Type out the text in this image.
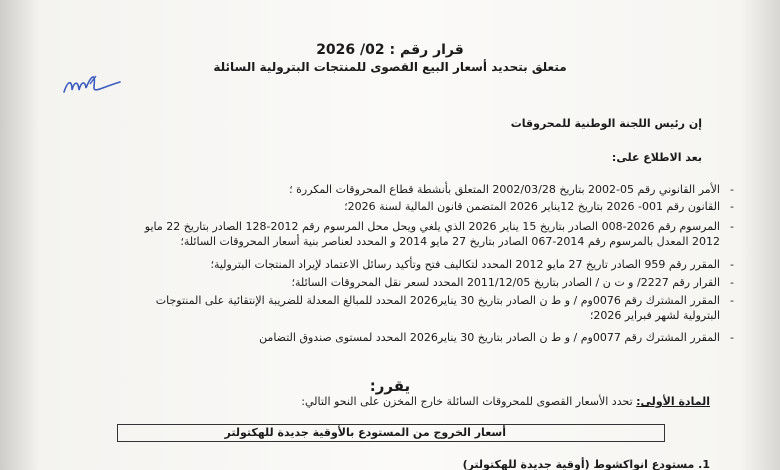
قرار رقم : 02/ 2026
متعلق بتحديد أسعار البيع القصوى للمنتجات البترولية السائلة
إن رئيس اللجنة الوطنية للمحروقات
بعد الاطلاع على:
-
الأمر القانوني رقم 05-2002 بتاريخ 2002/03/28 المتعلق بأنشطة قطاع المحروقات المكررة ؛
-
القانون رقم 001- 2026 بتاريخ 12يناير 2026 المتضمن قانون المالية لسنة 2026؛
-
المرسوم رقم 2026-008 الصادر بتاريخ 15 يناير 2026 الذي يلغي ويحل محل المرسوم رقم 2012-128 الصادر بتاريخ 22 مايو
2012 المعدل بالمرسوم رقم 2014-067 الصادر بتاريخ 27 مايو 2014 و المحدد لعناصر بنية أسعار المحروقات السائلة؛
-
المقرر رقم 959 الصادر تاريخ 27 مايو 2012 المحدد لتكاليف فتح وتأكيد رسائل الاعتماد لإيراد المنتجات البترولية؛
-
القرار رقم 2227/ و ت ن / الصادر بتاريخ 2011/12/05 المحدد لسعر نقل المحروقات السائلة؛
-
المقرر المشترك رقم 0076وم / و ط ن الصادر بتاريخ 30 يناير2026 المحدد للمبالغ المعدلة للضريبة الإنتقائية على المنتوجات
البترولية لشهر فبراير 2026؛
-
المقرر المشترك رقم 0077وم / و ط ن الصادر بتاريخ 30 يناير2026 المحدد لمستوى صندوق التضامن
يقرر:
المادة الأولى: تحدد الأسعار القصوى للمحروقات السائلة خارج المخزن على النحو التالي:
أسعار الخروج من المستودع بالأوقية جديدة للهكتولتر
1. مستودع انواكشوط (أوقية جديدة للهكتولتر)
